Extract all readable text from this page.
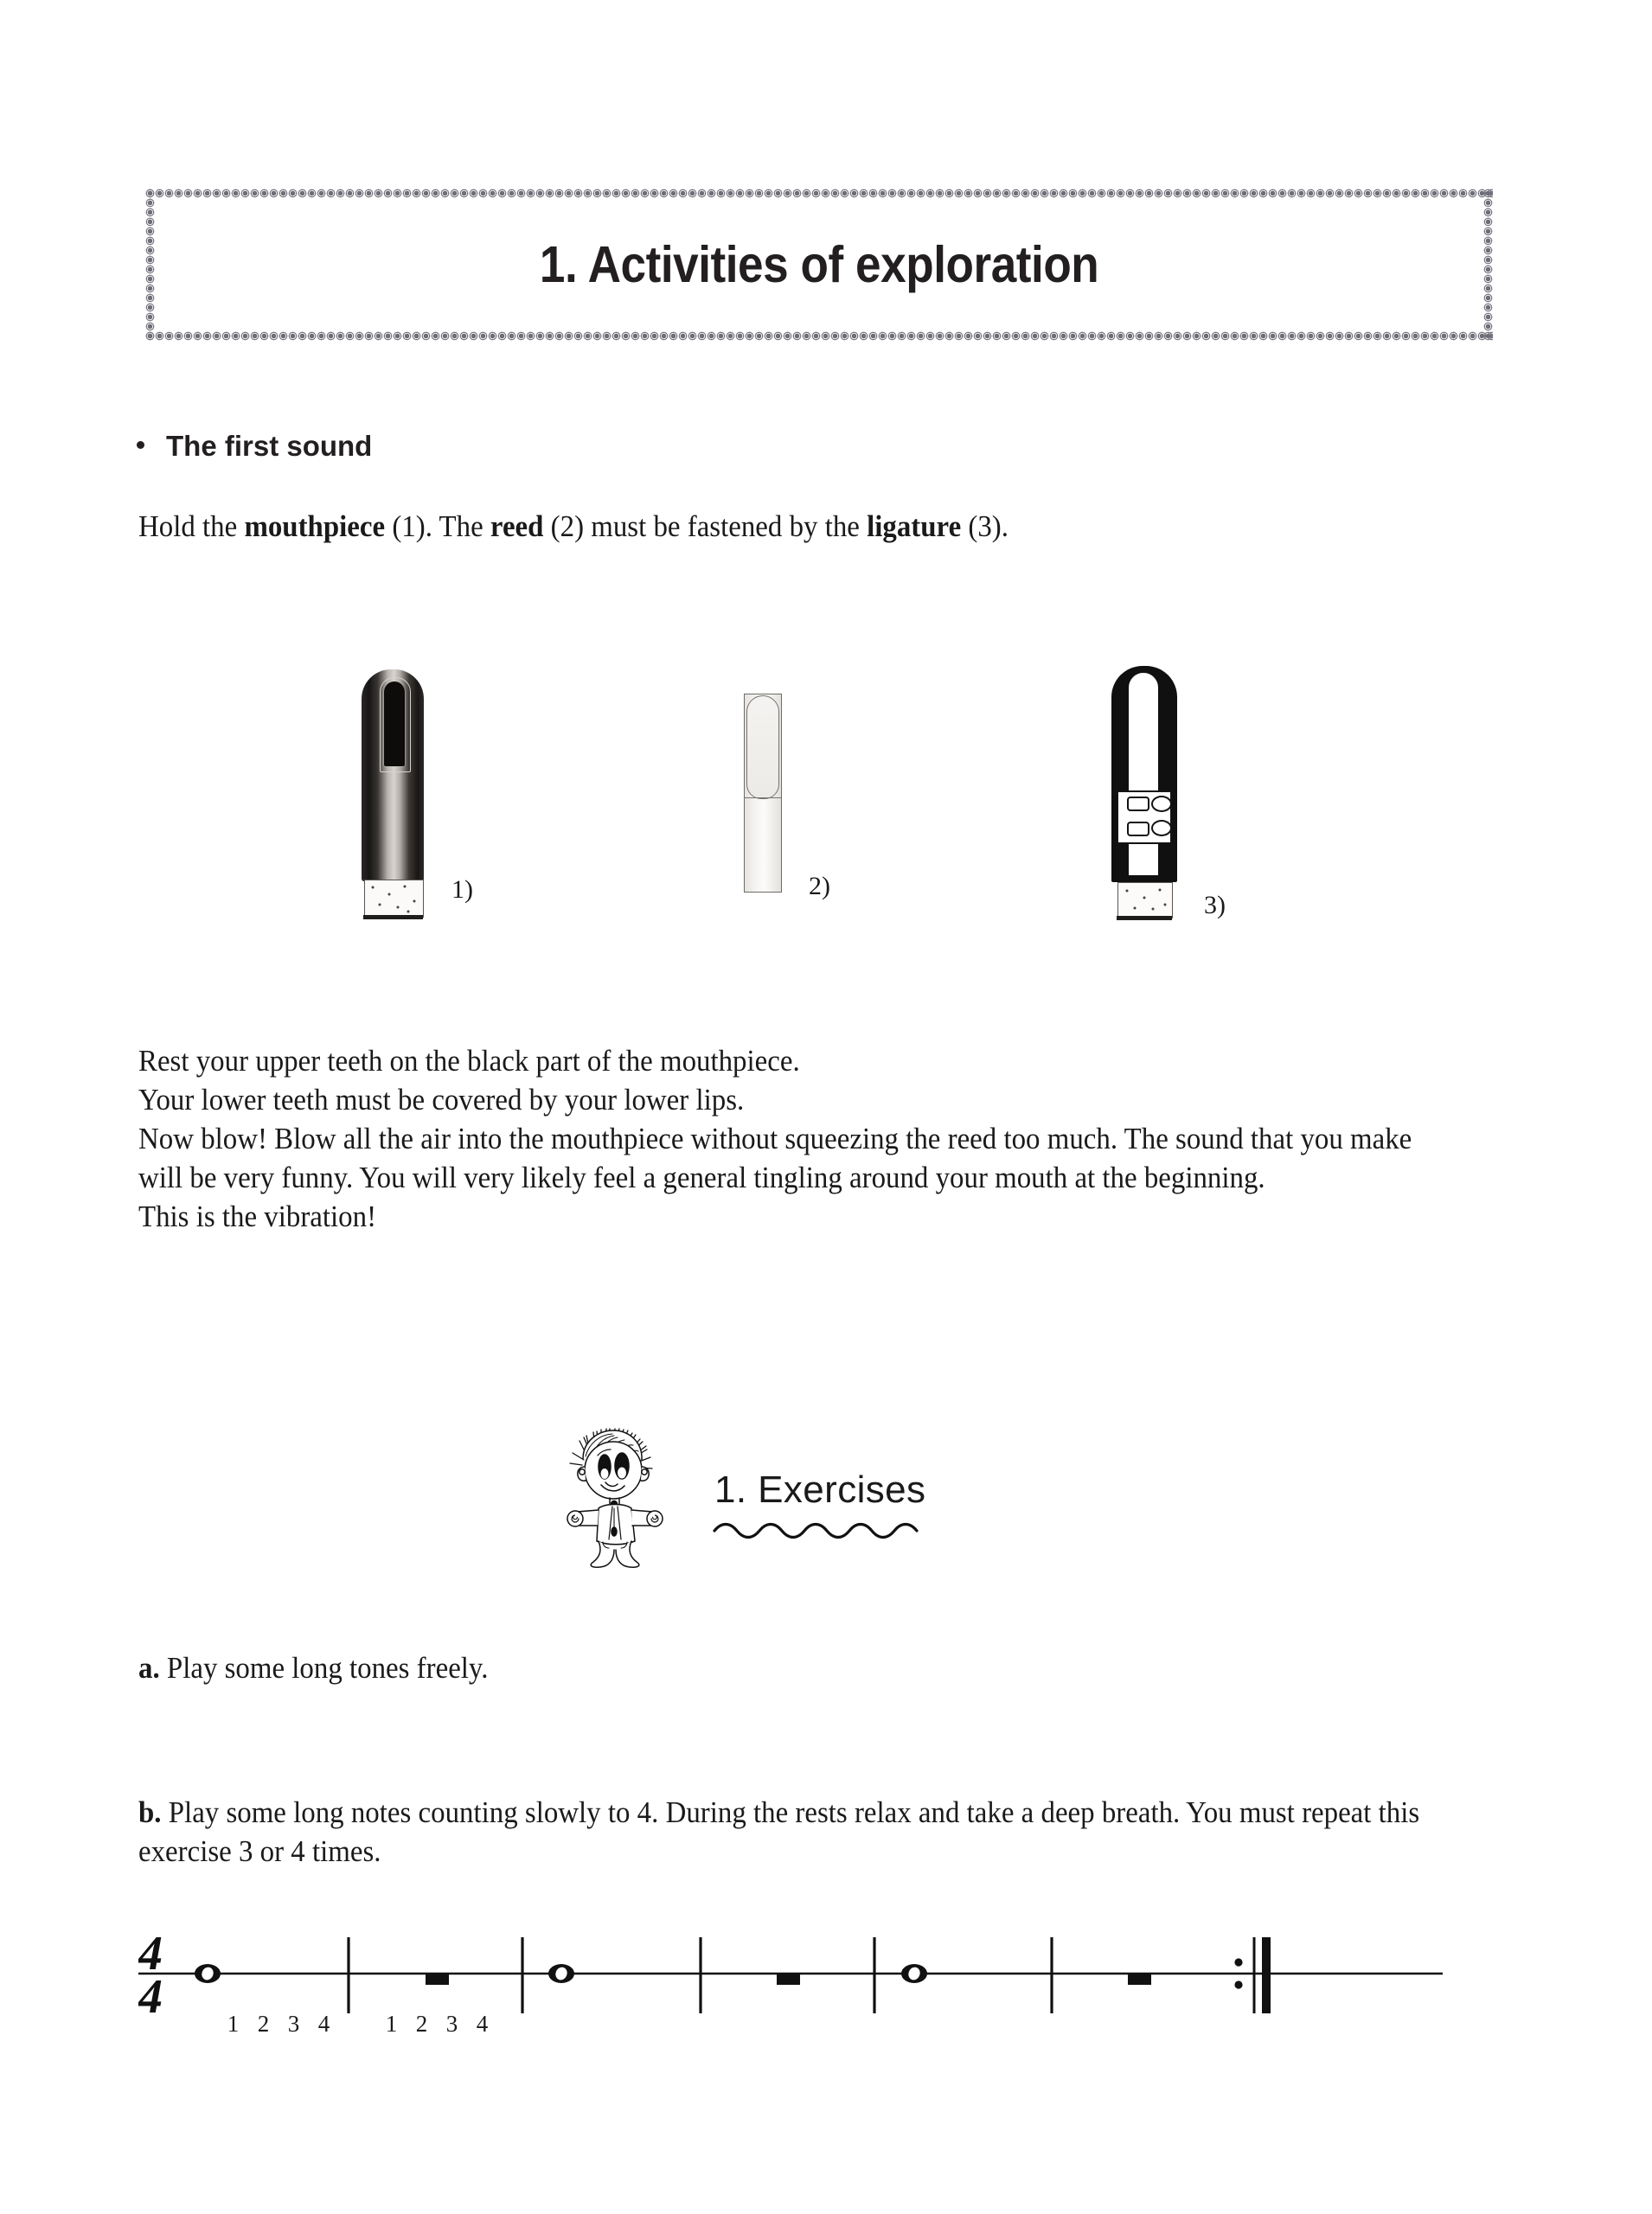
1. Activities of exploration
The first sound
Hold the mouthpiece (1). The reed (2) must be fastened by the ligature (3).
1)	2)
3)
Rest your upper teeth on the black part of the mouthpiece.
Your lower teeth must be covered by your lower lips.
Now blow! Blow all the air into the mouthpiece without squeezing the reed too much. The sound that you make will be very funny. You will very likely feel a general tingling around your mouth at the beginning.
This is the vibration!
1. Exercises
a. Play some long tones freely.
b. Play some long notes counting slowly to 4. During the rests relax and take a deep breath. You must repeat this exercise 3 or 4 times.
4
4	1 2 3 4	1 2 3 4
